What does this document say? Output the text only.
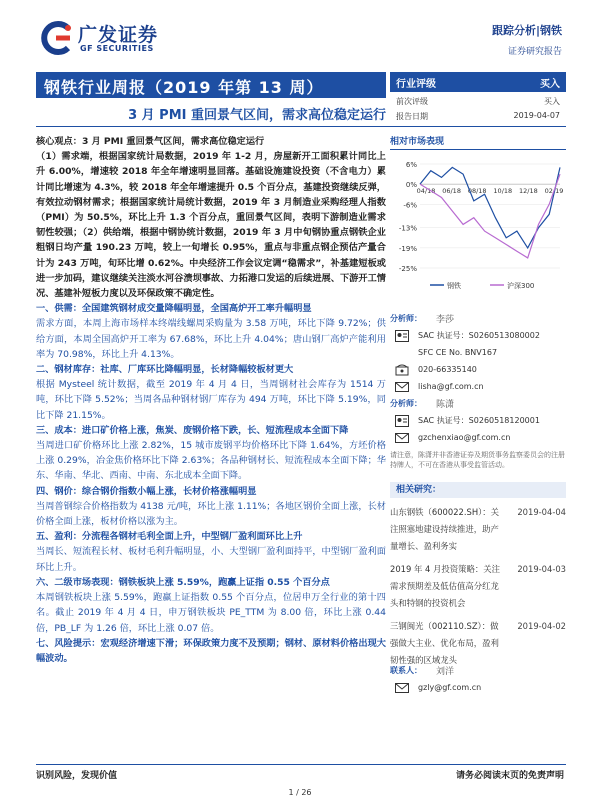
广发证券
GF SECURITIES
跟踪分析|钢铁
证券研究报告
钢铁行业周报（2019 年第 13 周）
3 月 PMI 重回景气区间，需求高位稳定运行
行业评级	买入
前次评级	买入
报告日期	2019-04-07

核心观点：3 月 PMI 重回景气区间，需求高位稳定运行

（1）需求端，根据国家统计局数据，2019 年 1-2 月，房屋新开工面积累计同比上升 6.00%，增速较 2018 年全年增速明显回落。基础设施建设投资（不含电力）累计同比增速为 4.3%，较 2018 年全年增速提升 0.5 个百分点，基建投资继续反弹，有效拉动钢材需求；根据国家统计局统计数据，2019 年 3 月制造业采购经理人指数（PMI）为 50.5%，环比上升 1.3 个百分点，重回景气区间，表明下游制造业需求韧性较强；（2）供给端，根据中钢协统计数据，2019 年 3 月中旬钢协重点钢铁企业粗钢日均产量 190.23 万吨，较上一旬增长 0.95%，重点与非重点钢企预估产量合计为 243 万吨，旬环比增 0.62%。中央经济工作会议定调“稳需求”，补基建短板或进一步加码，建议继续关注淡水河谷溃坝事故、力拓港口发运的后续进展、下游开工情况、基建补短板力度以及环保政策不确定性。

一、供需：全国建筑钢材成交量降幅明显，全国高炉开工率升幅明显

需求方面，本周上海市场样本终端线螺周采购量为 3.58 万吨，环比下降 9.72%；供给方面，本周全国高炉开工率为 67.68%，环比上升 4.04%；唐山钢厂高炉产能利用率为 70.98%，环比上升 4.13%。

二、钢材库存：社库、厂库环比降幅明显，长材降幅较板材更大

根据 Mysteel 统计数据，截至 2019 年 4 月 4 日，当周钢材社会库存为 1514 万吨，环比下降 5.52%；当周各品种钢材钢厂库存为 494 万吨，环比下降 5.19%，同比下降 21.15%。

三、成本：进口矿价格上涨，焦炭、废钢价格下跌，长、短流程成本全面下降

当周进口矿价格环比上涨 2.82%，15 城市废钢平均价格环比下降 1.64%，方坯价格上涨 0.29%，冶金焦价格环比下降 2.63%；各品种钢材长、短流程成本全面下降；华东、华南、华北、西南、中南、东北成本全面下降。

四、钢价：综合钢价指数小幅上涨，长材价格涨幅明显

当周普钢综合价格指数为 4138 元/吨，环比上涨 1.11%；各地区钢价全面上涨，长材价格全面上涨，板材价格以涨为主。

五、盈利：分流程各钢材毛利全面上升，中型钢厂盈利面环比上升

当周长、短流程长材、板材毛利升幅明显，小、大型钢厂盈利面持平，中型钢厂盈利面环比上升。

六、二级市场表现：钢铁板块上涨 5.59%，跑赢上证指 0.55 个百分点

本周钢铁板块上涨 5.59%，跑赢上证指数 0.55 个百分点，位居申万全行业的第十四名。截止 2019 年 4 月 4 日，申万钢铁板块 PE_TTM 为 8.00 倍，环比上涨 0.44 倍，PB_LF 为 1.26 倍，环比上涨 0.07 倍。

七、风险提示：宏观经济增速下滑；环保政策力度不及预期；钢材、原材料价格出现大幅波动。

相对市场表现
6%
0%
-6%
-13%
-19%
-25%
04/18 06/18 08/18 10/18 12/18 02/19
钢铁	沪深300
分析师： 李莎
SAC 执证号：S0260513080002
SFC CE No. BNV167
020-66335140
lisha@gf.com.cn
分析师： 陈潇
SAC 执证号：S0260518120001
gzchenxiao@gf.com.cn
请注意，陈潇并非香港证券及期货事务监察委员会的注册持牌人，不可在香港从事受监管活动。
相关研究：
山东钢铁（600022.SH）：关注照塞地建设持续推进，助产量增长、盈利务实
2019-04-04
2019 年 4 月投资策略：关注需求预期差及低估值高分红龙头和特钢的投资机会
2019-04-03
三钢闽光（002110.SZ）：做强做大主业、优化布局，盈利韧性强的区域龙头
2019-04-02
联系人： 刘洋
gzly@gf.com.cn
识别风险，发现价值	请务必阅读末页的免责声明
1 / 26
